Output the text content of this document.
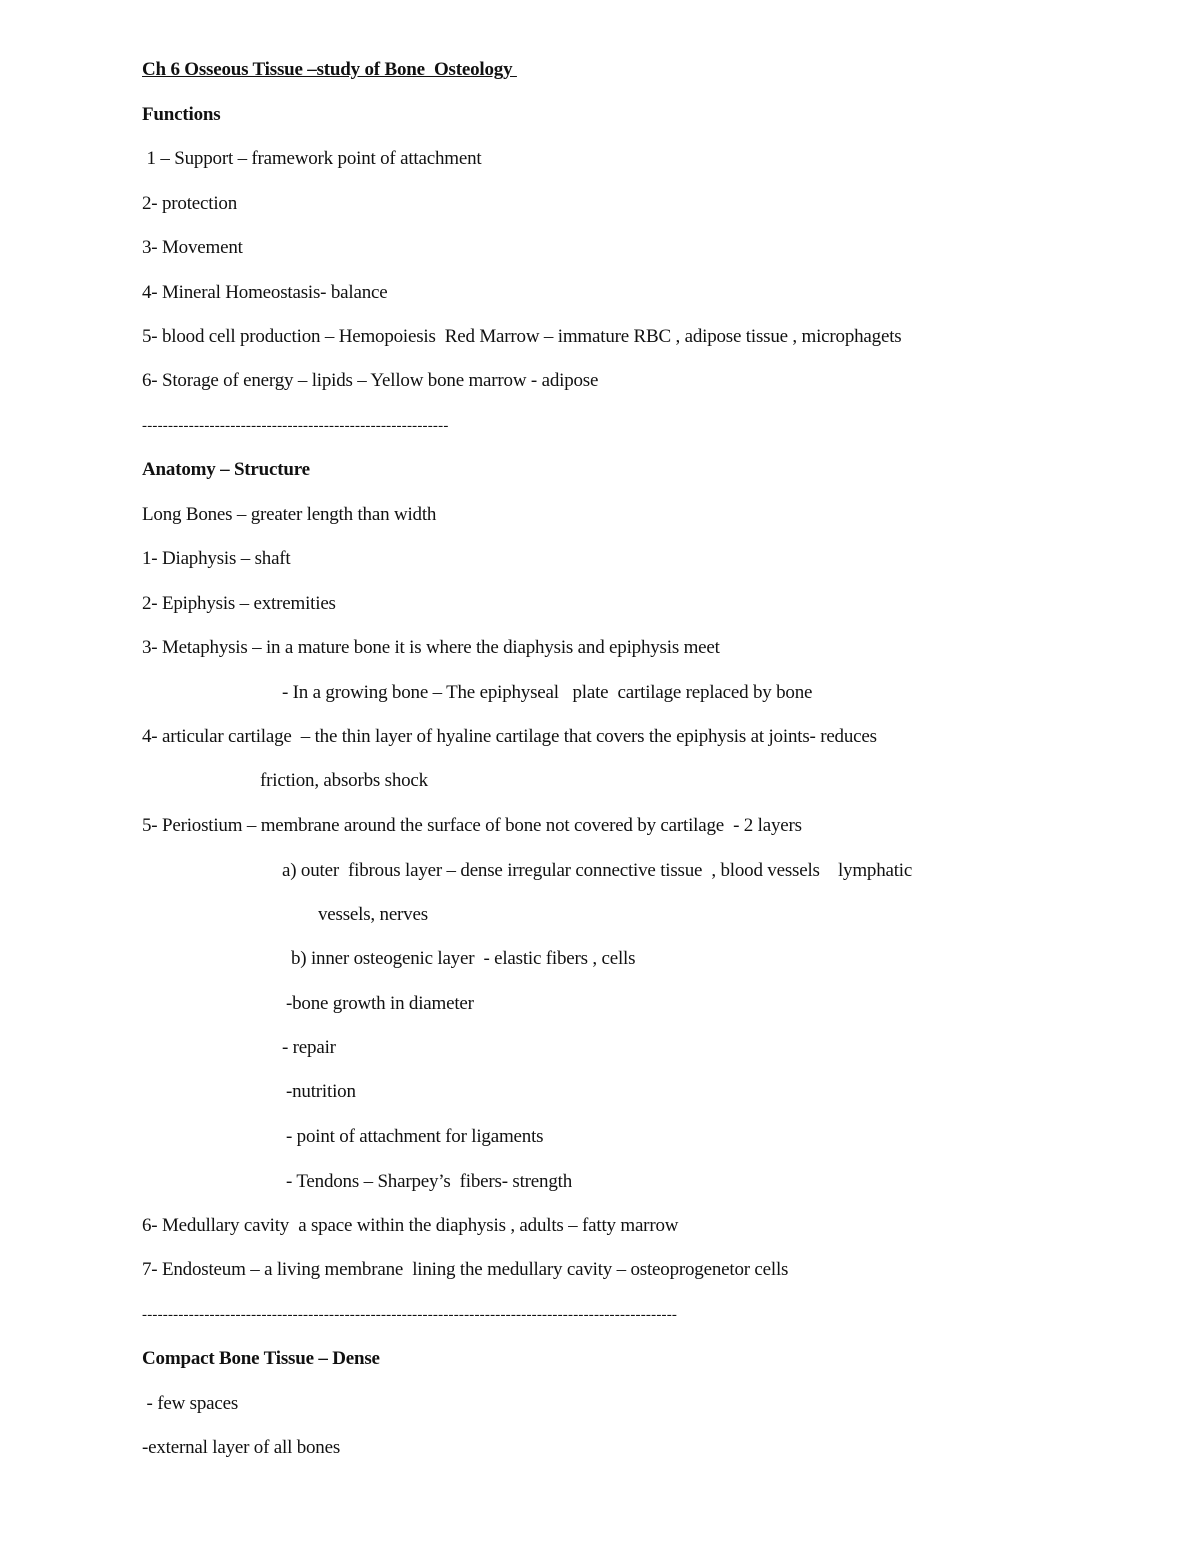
Ch 6 Osseous Tissue –study of Bone  Osteology
Functions
1 – Support – framework point of attachment
2- protection
3- Movement
4- Mineral Homeostasis- balance
5- blood cell production – Hemopoiesis  Red Marrow – immature RBC , adipose tissue , microphagets
6- Storage of energy – lipids – Yellow bone marrow - adipose
-----------------------------------------------------------
Anatomy – Structure
Long Bones – greater length than width
1- Diaphysis – shaft
2- Epiphysis – extremities
3- Metaphysis – in a mature bone it is where the diaphysis and epiphysis meet
- In a growing bone – The epiphyseal   plate  cartilage replaced by bone
4- articular cartilage  – the thin layer of hyaline cartilage that covers the epiphysis at joints- reduces
friction, absorbs shock
5- Periostium – membrane around the surface of bone not covered by cartilage  - 2 layers
a) outer  fibrous layer – dense irregular connective tissue  , blood vessels    lymphatic
vessels, nerves
b) inner osteogenic layer  - elastic fibers , cells
-bone growth in diameter
- repair
-nutrition
- point of attachment for ligaments
- Tendons – Sharpey’s  fibers- strength
6- Medullary cavity  a space within the diaphysis , adults – fatty marrow
7- Endosteum – a living membrane  lining the medullary cavity – osteoprogenetor cells
-------------------------------------------------------------------------------------------------------
Compact Bone Tissue – Dense
- few spaces
-external layer of all bones
